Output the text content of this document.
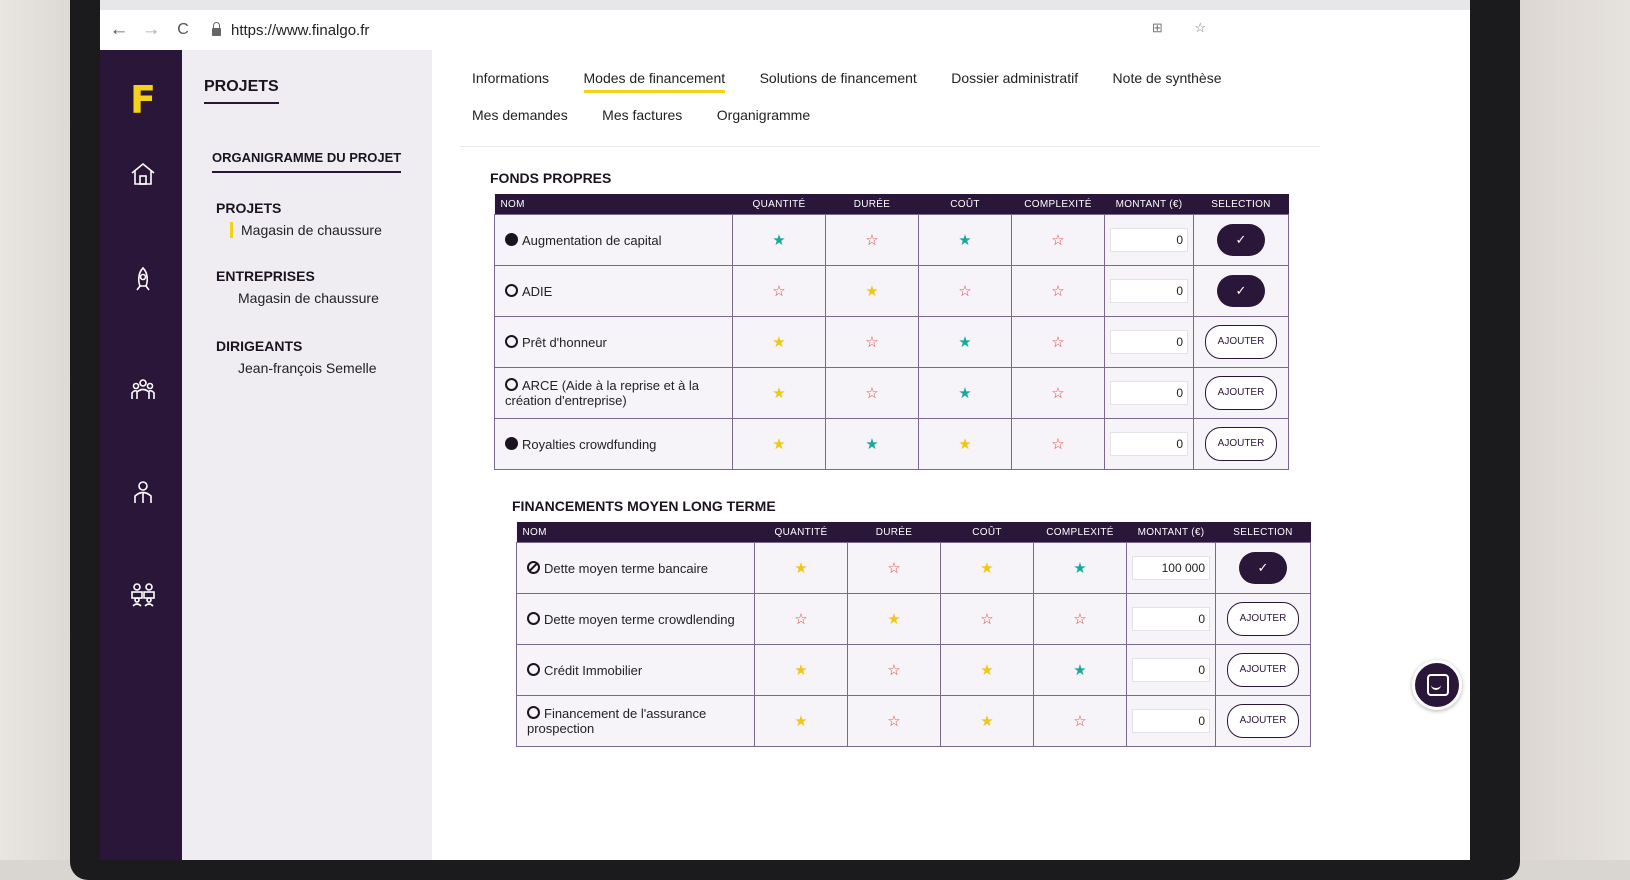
← →	C	https://www.finalgo.fr	⊞ ☆
F	PROJETS
ORGANIGRAMME DU PROJET
PROJETS
Magasin de chaussure
ENTREPRISES
Magasin de chaussure
DIRIGEANTS
Jean-françois Semelle
Informations Modes de financement Solutions de financement Dossier administratif Note de synthèse Mes demandes Mes factures Organigramme
FONDS PROPRES
NOM	QUANTITÉ	DURÉE	COÛT	COMPLEXITÉ	MONTANT (€)	SELECTION
Augmentation de capital	★	☆	★	☆	0	✓
ADIE	☆	★	☆	☆	0	✓
Prêt d'honneur	★	☆	★	☆	0	AJOUTER
ARCE (Aide à la reprise et à la création d'entreprise)	★	☆	★	☆	0	AJOUTER
Royalties crowdfunding	★	★	★	☆	0	AJOUTER
FINANCEMENTS MOYEN LONG TERME
NOM	QUANTITÉ	DURÉE	COÛT	COMPLEXITÉ	MONTANT (€)	SELECTION
Dette moyen terme bancaire	★	☆	★	★	100 000	✓
Dette moyen terme crowdlending	☆	★	☆	☆	0	AJOUTER
Crédit Immobilier	★	☆	★	★	0	AJOUTER
Financement de l'assurance prospection	★	☆	★	☆	0	AJOUTER
